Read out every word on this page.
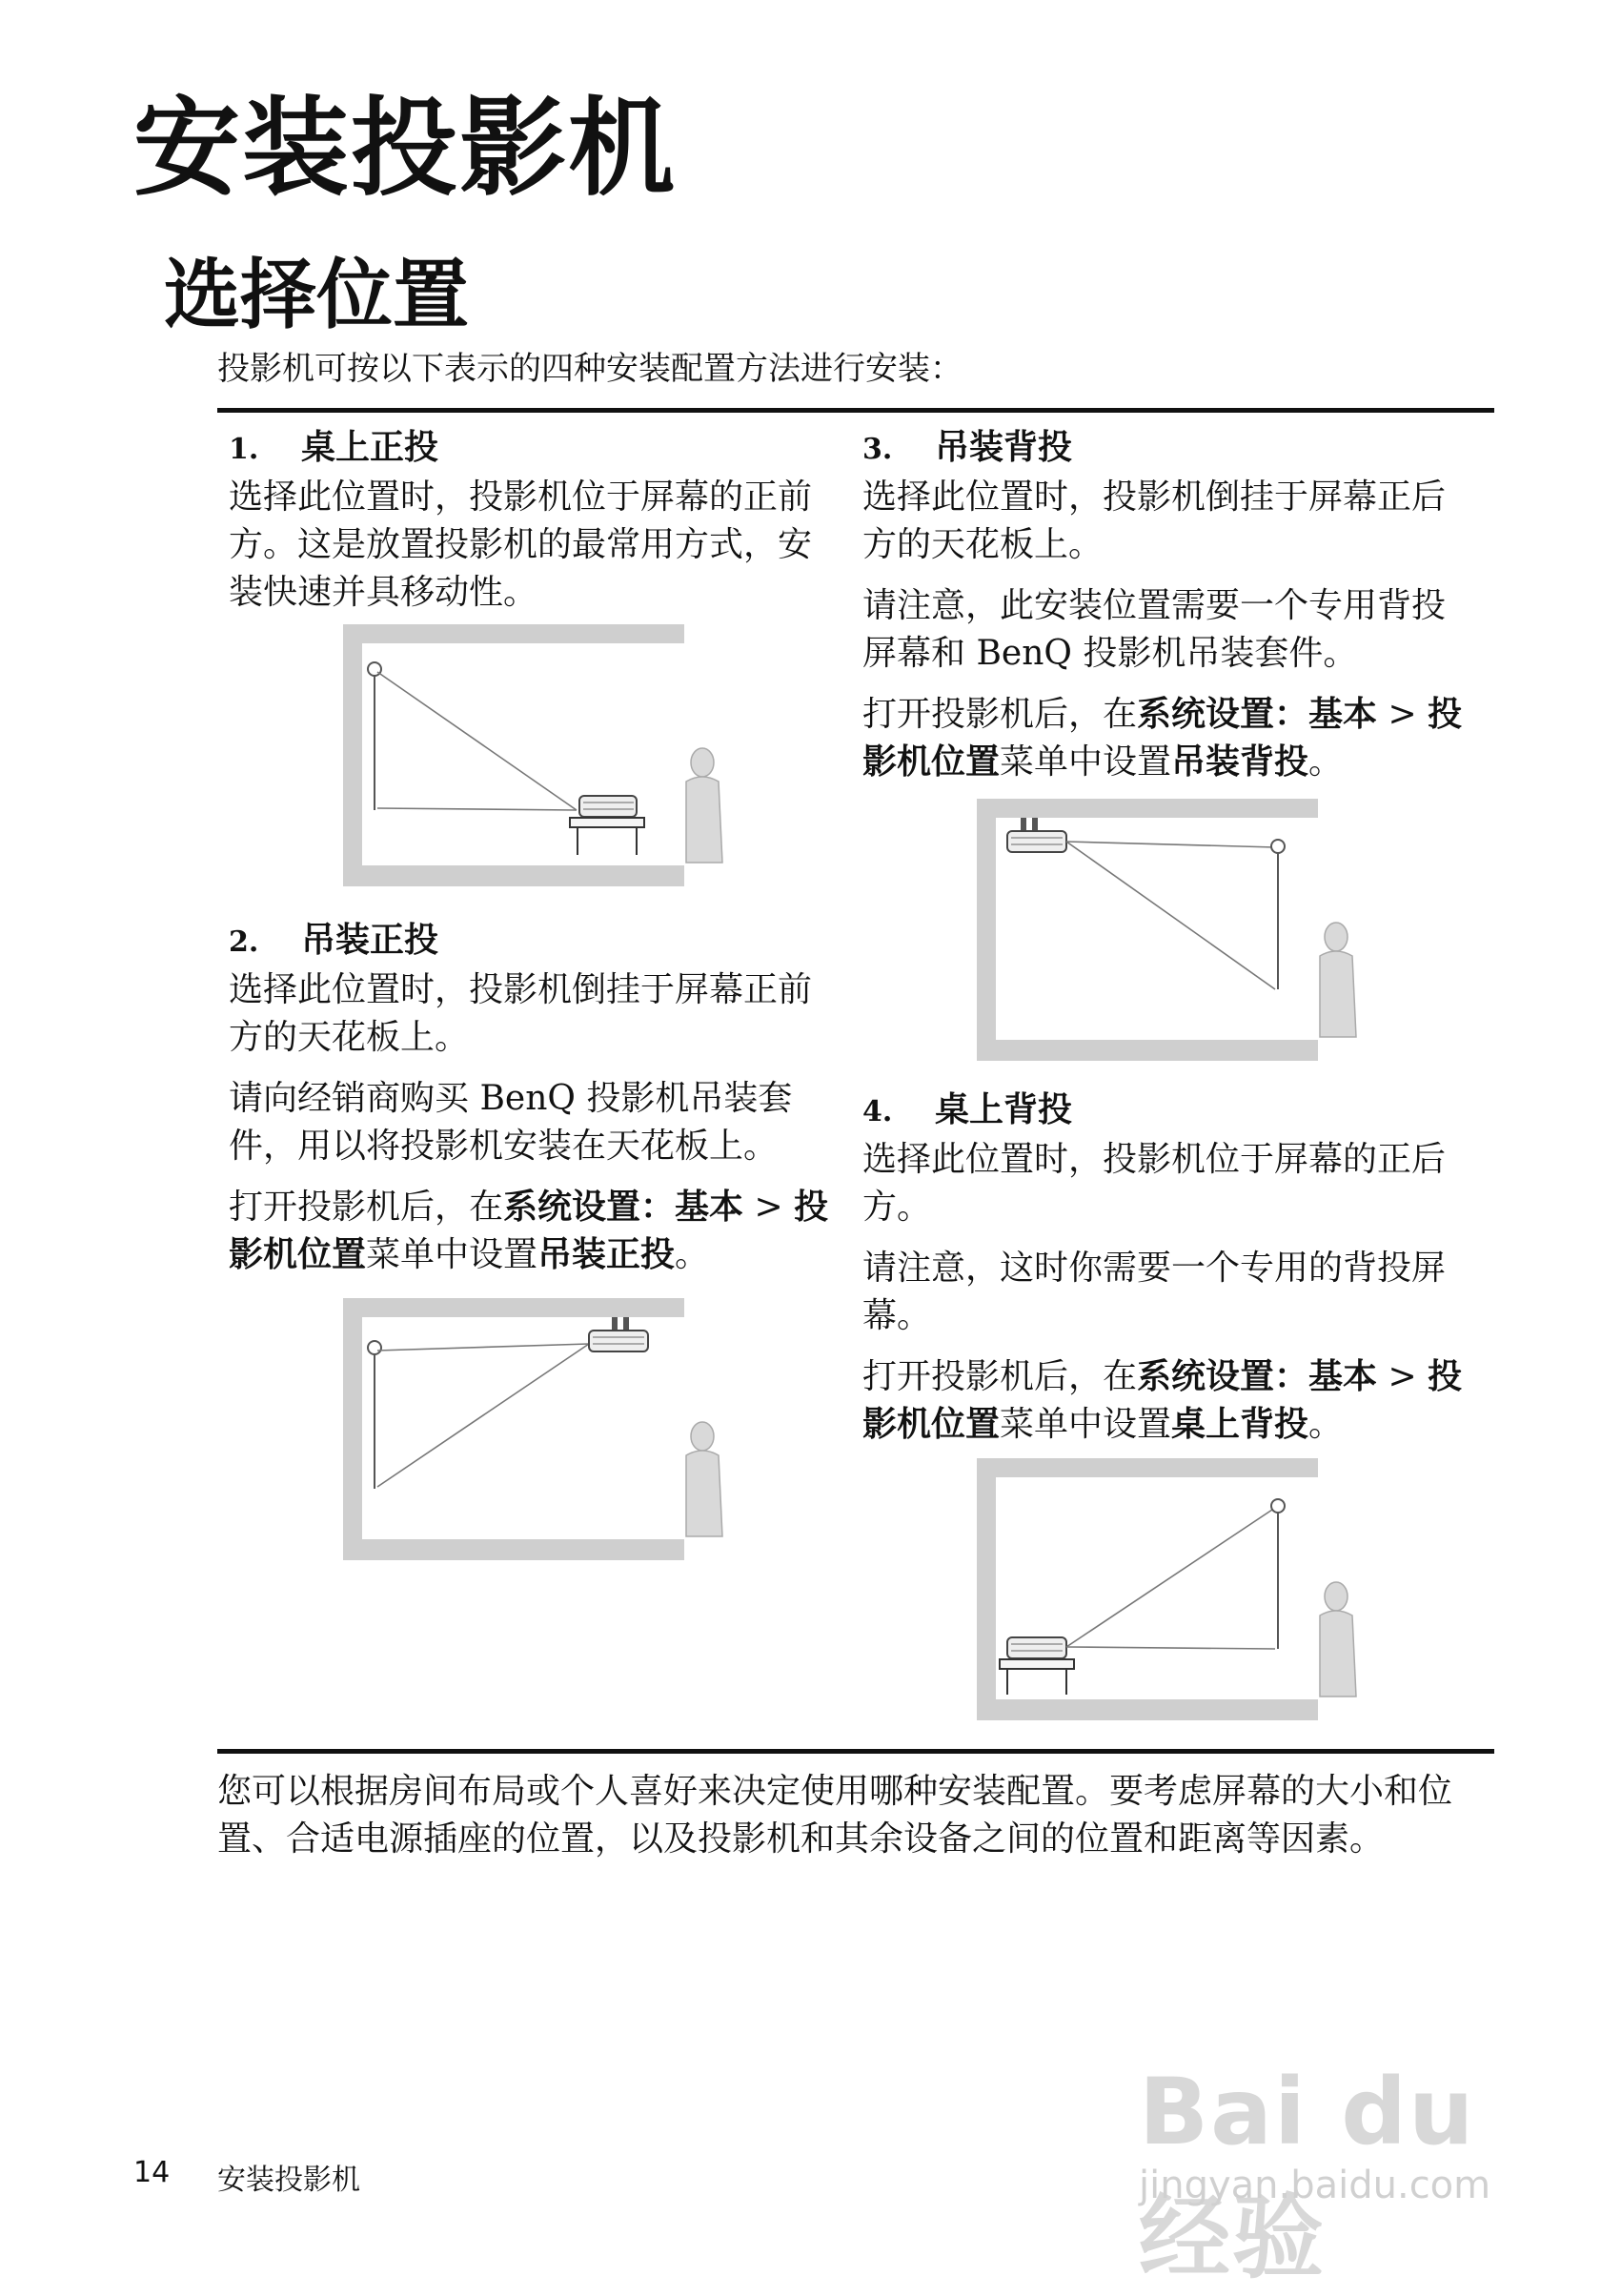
安装投影机
选择位置
投影机可按以下表示的四种安装配置方法进行安装：
1. 桌上正投

选择此位置时，投影机位于屏幕的正前方。这是放置投影机的最常用方式，安装快速并具移动性。

2. 吊装正投

选择此位置时，投影机倒挂于屏幕正前方的天花板上。

请向经销商购买 BenQ 投影机吊装套件，用以将投影机安装在天花板上。

打开投影机后，在系统设置：基本 > 投影机位置菜单中设置吊装正投。

3. 吊装背投

选择此位置时，投影机倒挂于屏幕正后方的天花板上。

请注意，此安装位置需要一个专用背投屏幕和 BenQ 投影机吊装套件。

打开投影机后，在系统设置：基本 > 投影机位置菜单中设置吊装背投。

4. 桌上背投

选择此位置时，投影机位于屏幕的正后方。

请注意，这时你需要一个专用的背投屏幕。

打开投影机后，在系统设置：基本 > 投影机位置菜单中设置桌上背投。

您可以根据房间布局或个人喜好来决定使用哪种安装配置。要考虑屏幕的大小和位置、合适电源插座的位置，以及投影机和其余设备之间的位置和距离等因素。
14 安装投影机
Bai du 经验
jingyan.baidu.com
